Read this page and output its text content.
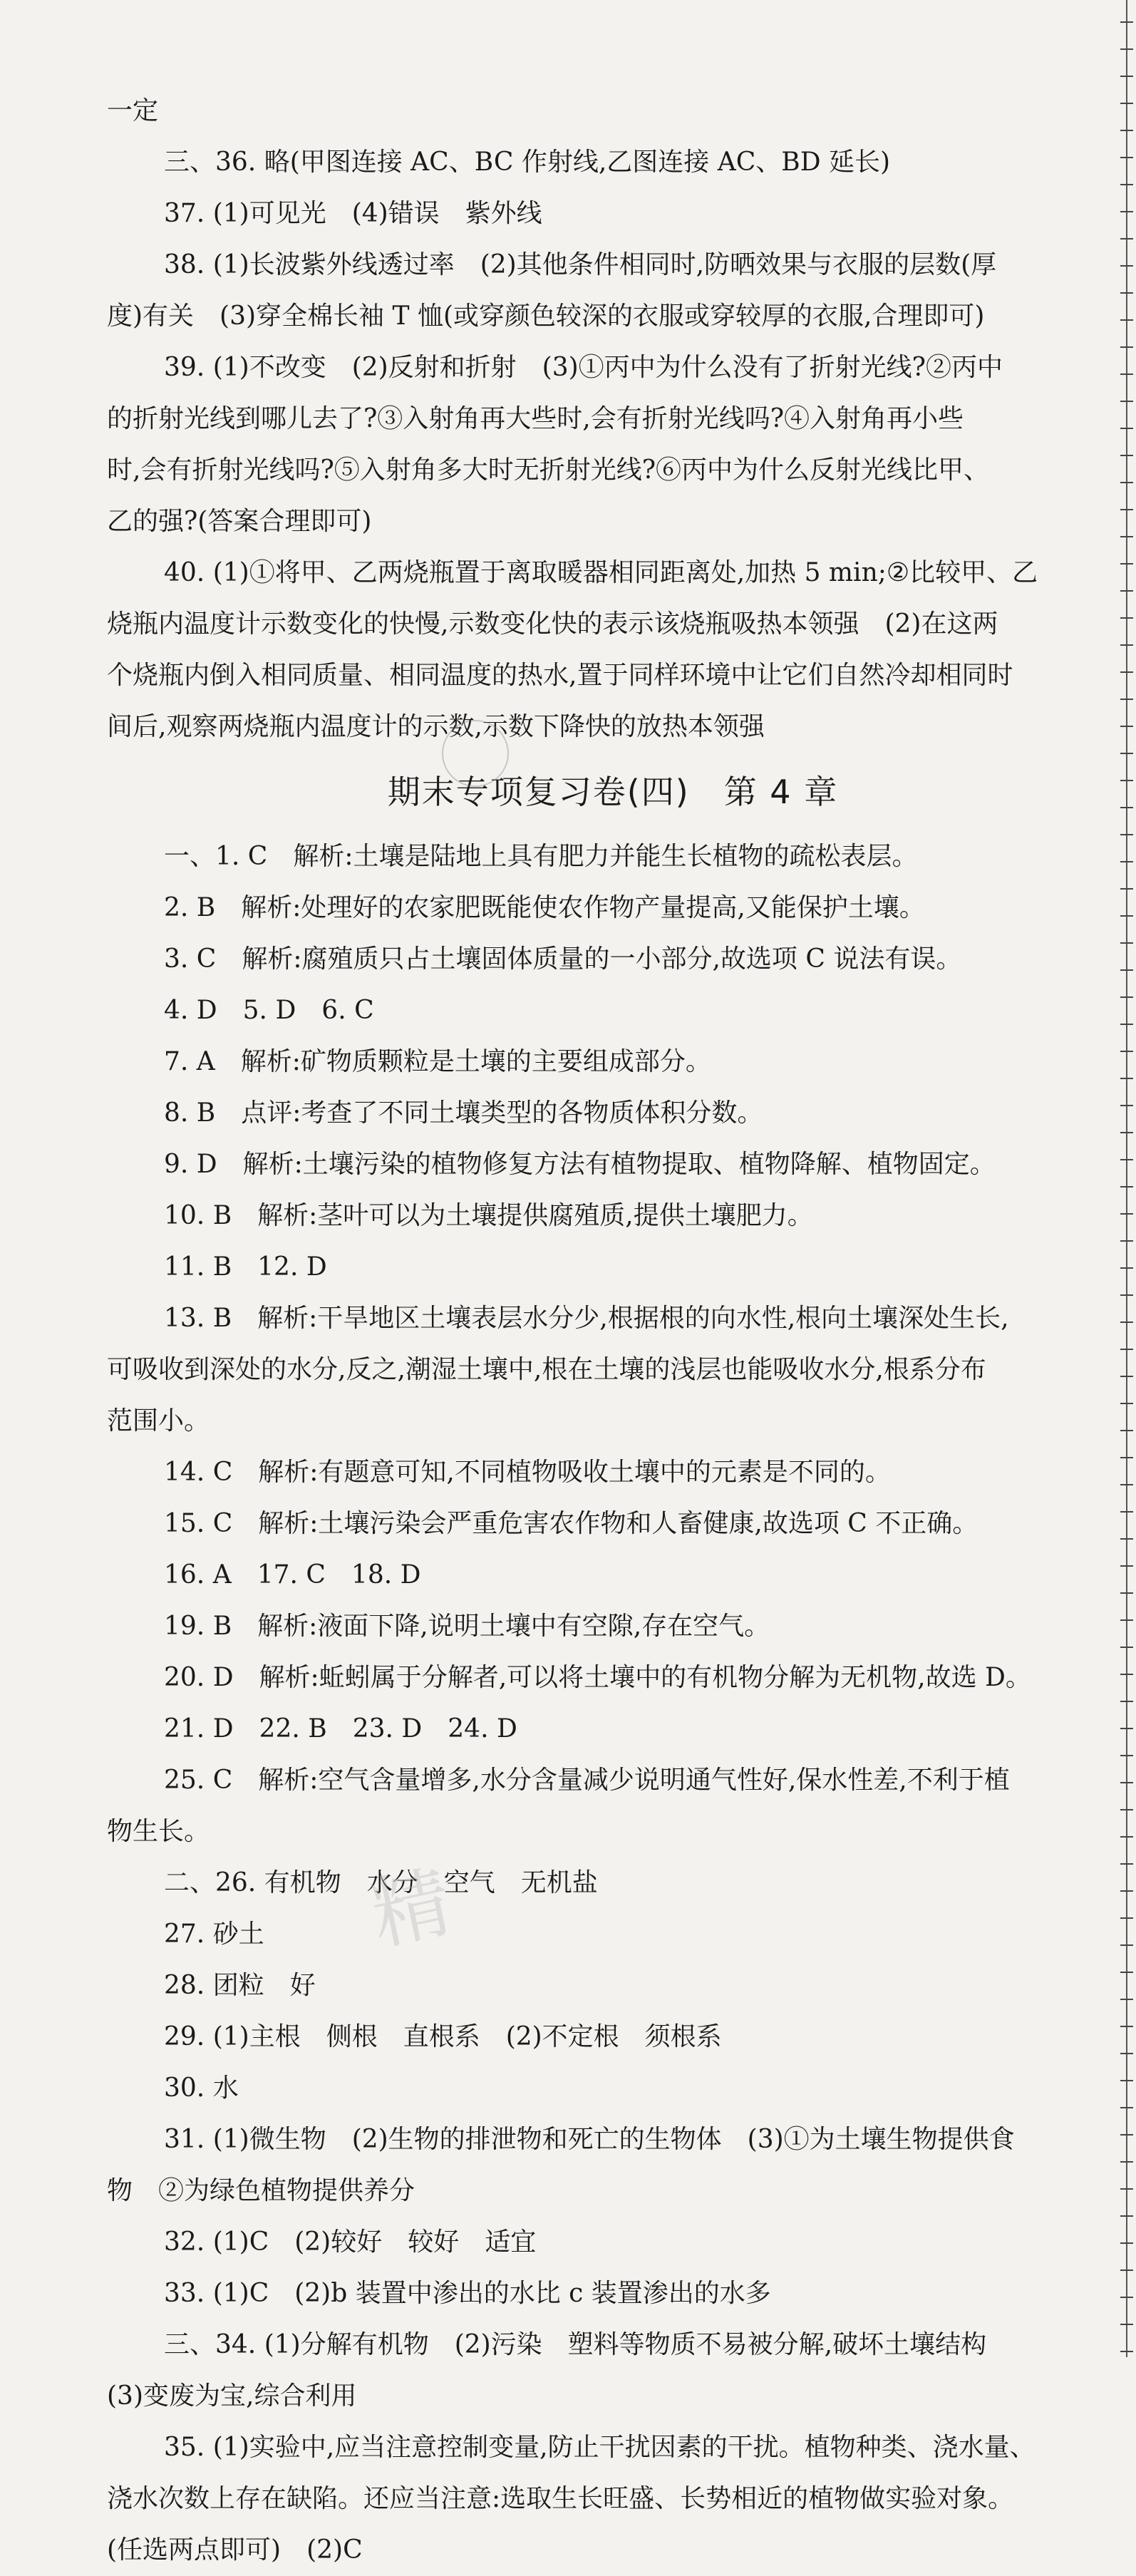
一定
三、36. 略(甲图连接 AC、BC 作射线,乙图连接 AC、BD 延长)
37. (1)可见光　(4)错误　紫外线
38. (1)长波紫外线透过率　(2)其他条件相同时,防晒效果与衣服的层数(厚
度)有关　(3)穿全棉长袖 T 恤(或穿颜色较深的衣服或穿较厚的衣服,合理即可)
39. (1)不改变　(2)反射和折射　(3)①丙中为什么没有了折射光线?②丙中
的折射光线到哪儿去了?③入射角再大些时,会有折射光线吗?④入射角再小些
时,会有折射光线吗?⑤入射角多大时无折射光线?⑥丙中为什么反射光线比甲、
乙的强?(答案合理即可)
40. (1)①将甲、乙两烧瓶置于离取暖器相同距离处,加热 5 min;②比较甲、乙
烧瓶内温度计示数变化的快慢,示数变化快的表示该烧瓶吸热本领强　(2)在这两
个烧瓶内倒入相同质量、相同温度的热水,置于同样环境中让它们自然冷却相同时
间后,观察两烧瓶内温度计的示数,示数下降快的放热本领强
期末专项复习卷(四)　第 4 章
一、1. C　解析:土壤是陆地上具有肥力并能生长植物的疏松表层。
2. B　解析:处理好的农家肥既能使农作物产量提高,又能保护土壤。
3. C　解析:腐殖质只占土壤固体质量的一小部分,故选项 C 说法有误。
4. D　5. D　6. C
7. A　解析:矿物质颗粒是土壤的主要组成部分。
8. B　点评:考查了不同土壤类型的各物质体积分数。
9. D　解析:土壤污染的植物修复方法有植物提取、植物降解、植物固定。
10. B　解析:茎叶可以为土壤提供腐殖质,提供土壤肥力。
11. B　12. D
13. B　解析:干旱地区土壤表层水分少,根据根的向水性,根向土壤深处生长,
可吸收到深处的水分,反之,潮湿土壤中,根在土壤的浅层也能吸收水分,根系分布
范围小。
14. C　解析:有题意可知,不同植物吸收土壤中的元素是不同的。
15. C　解析:土壤污染会严重危害农作物和人畜健康,故选项 C 不正确。
16. A　17. C　18. D
19. B　解析:液面下降,说明土壤中有空隙,存在空气。
20. D　解析:蚯蚓属于分解者,可以将土壤中的有机物分解为无机物,故选 D。
21. D　22. B　23. D　24. D
25. C　解析:空气含量增多,水分含量减少说明通气性好,保水性差,不利于植
物生长。
二、26. 有机物　水分　空气　无机盐
27. 砂土
28. 团粒　好
29. (1)主根　侧根　直根系　(2)不定根　须根系
30. 水
31. (1)微生物　(2)生物的排泄物和死亡的生物体　(3)①为土壤生物提供食
物　②为绿色植物提供养分
32. (1)C　(2)较好　较好　适宜
33. (1)C　(2)b 装置中渗出的水比 c 装置渗出的水多
三、34. (1)分解有机物　(2)污染　塑料等物质不易被分解,破坏土壤结构
(3)变废为宝,综合利用
35. (1)实验中,应当注意控制变量,防止干扰因素的干扰。植物种类、浇水量、
浇水次数上存在缺陷。还应当注意:选取生长旺盛、长势相近的植物做实验对象。
(任选两点即可)　(2)C
精
